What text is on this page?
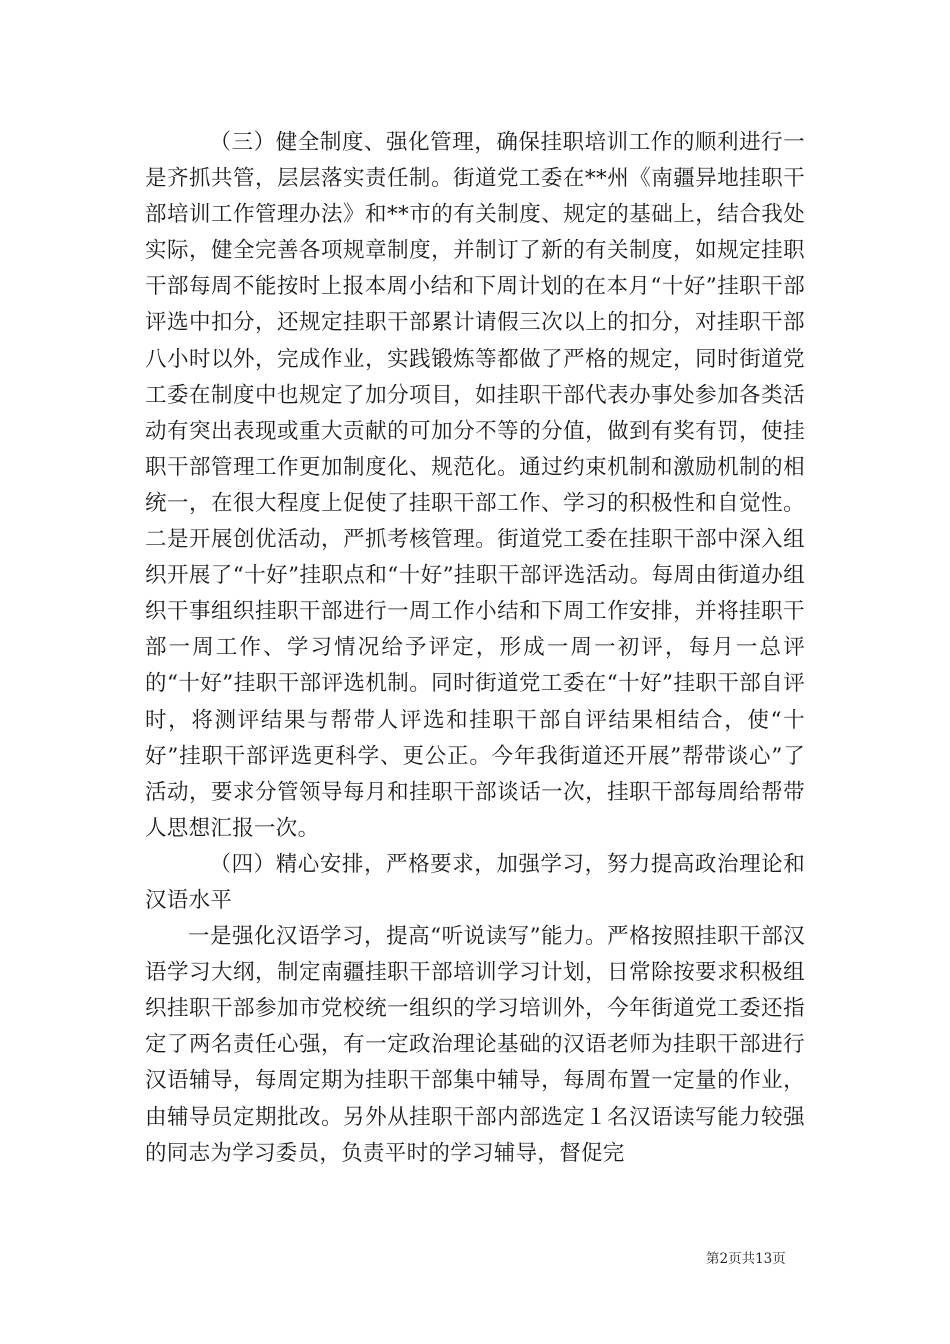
（三）健全制度、强化管理，确保挂职培训工作的顺利进行一是齐抓共管，层层落实责任制。街道党工委在**州《南疆异地挂职干部培训工作管理办法》和**市的有关制度、规定的基础上，结合我处实际，健全完善各项规章制度，并制订了新的有关制度，如规定挂职干部每周不能按时上报本周小结和下周计划的在本月“十好”挂职干部评选中扣分，还规定挂职干部累计请假三次以上的扣分，对挂职干部八小时以外，完成作业，实践锻炼等都做了严格的规定，同时街道党工委在制度中也规定了加分项目，如挂职干部代表办事处参加各类活动有突出表现或重大贡献的可加分不等的分值，做到有奖有罚，使挂职干部管理工作更加制度化、规范化。通过约束机制和激励机制的相统一，在很大程度上促使了挂职干部工作、学习的积极性和自觉性。二是开展创优活动，严抓考核管理。街道党工委在挂职干部中深入组织开展了“十好”挂职点和“十好”挂职干部评选活动。每周由街道办组织干事组织挂职干部进行一周工作小结和下周工作安排，并将挂职干部一周工作、学习情况给予评定，形成一周一初评，每月一总评的“十好”挂职干部评选机制。同时街道党工委在“十好”挂职干部自评时，将测评结果与帮带人评选和挂职干部自评结果相结合，使“十好”挂职干部评选更科学、更公正。今年我街道还开展”帮带谈心”了活动，要求分管领导每月和挂职干部谈话一次，挂职干部每周给帮带人思想汇报一次。

（四）精心安排，严格要求，加强学习，努力提高政治理论和汉语水平

一是强化汉语学习，提高“听说读写”能力。严格按照挂职干部汉语学习大纲，制定南疆挂职干部培训学习计划，日常除按要求积极组织挂职干部参加市党校统一组织的学习培训外，今年街道党工委还指定了两名责任心强，有一定政治理论基础的汉语老师为挂职干部进行汉语辅导，每周定期为挂职干部集中辅导，每周布置一定量的作业，由辅导员定期批改。另外从挂职干部内部选定１名汉语读写能力较强的同志为学习委员，负责平时的学习辅导，督促完

第2页共13页
